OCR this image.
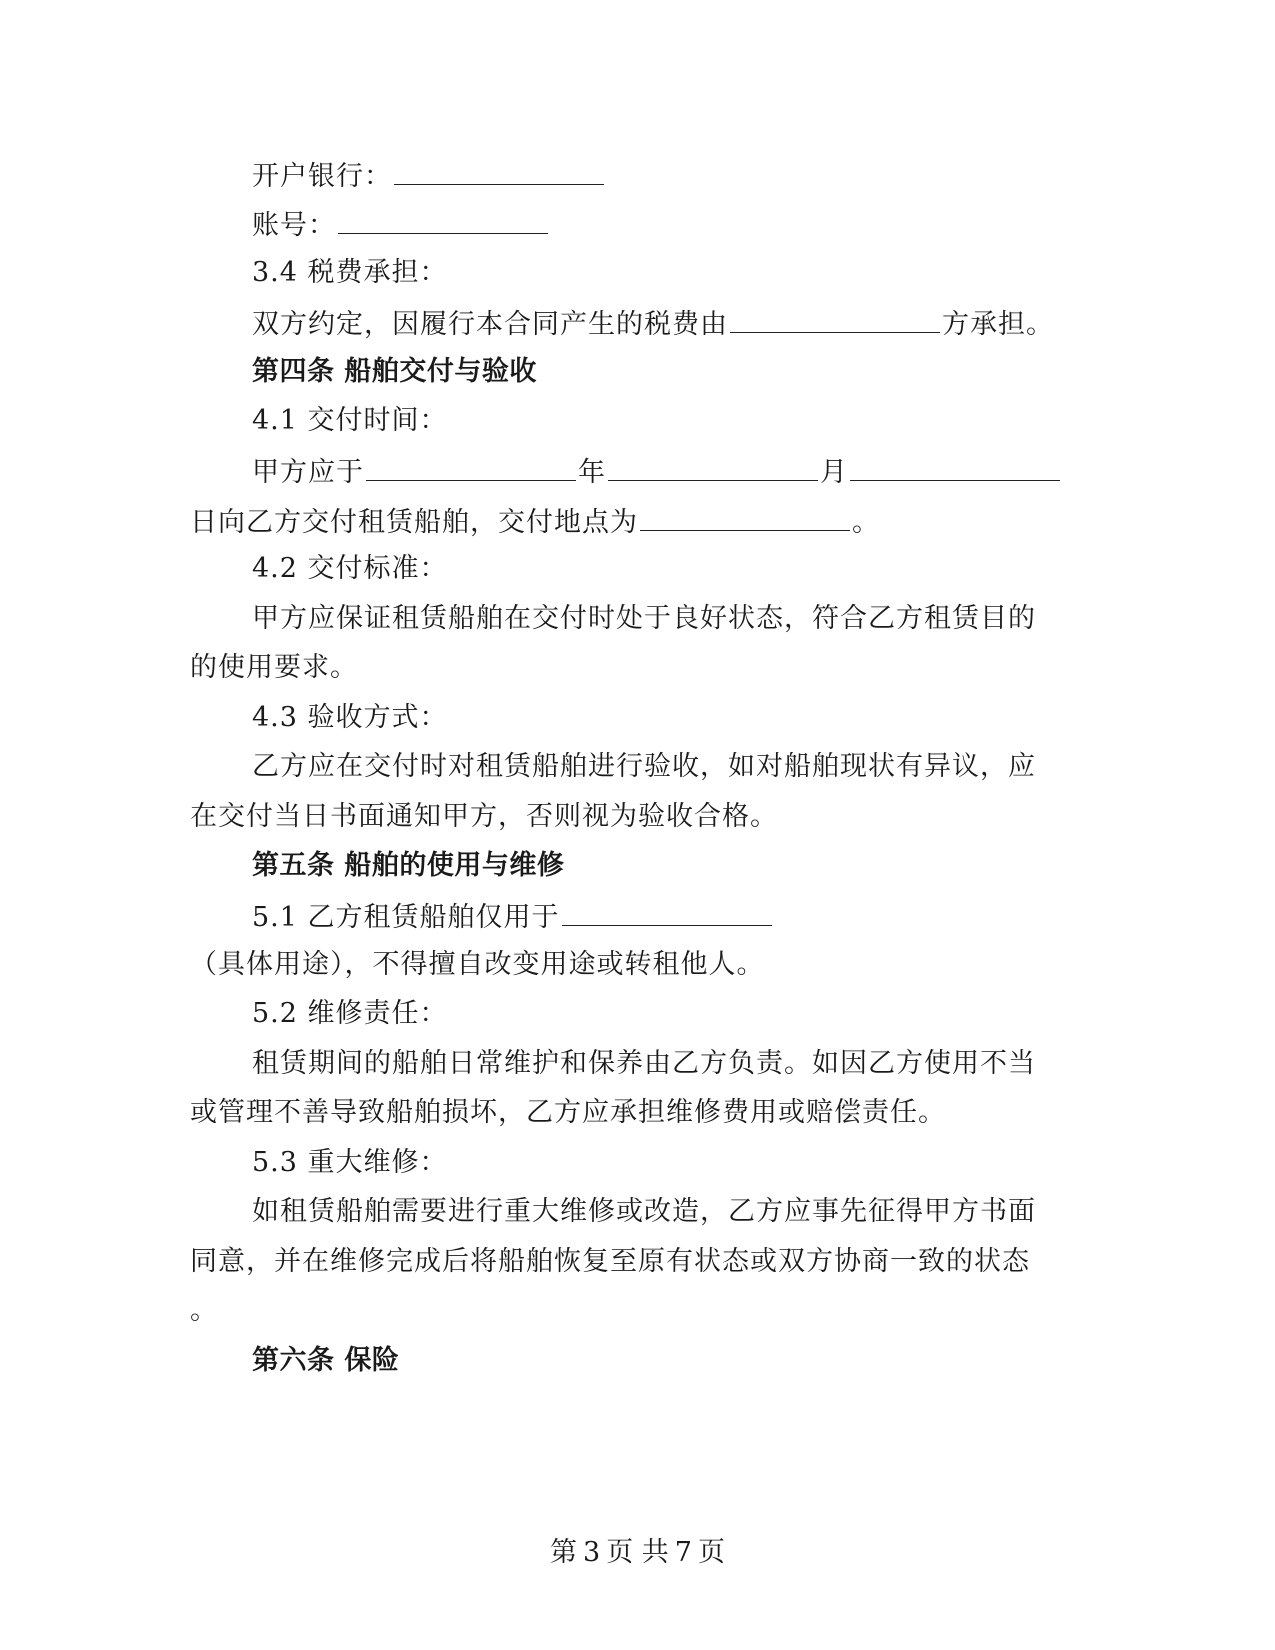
开户银行：
账号：
3.4 税费承担：
双方约定，因履行本合同产生的税费由	方承担。
第四条 船舶交付与验收
4.1 交付时间：
甲方应于	年	月
日向乙方交付租赁船舶，交付地点为	。
4.2 交付标准：
甲方应保证租赁船舶在交付时处于良好状态，符合乙方租赁目的
的使用要求。
4.3 验收方式：
乙方应在交付时对租赁船舶进行验收，如对船舶现状有异议，应
在交付当日书面通知甲方，否则视为验收合格。
第五条 船舶的使用与维修
5.1 乙方租赁船舶仅用于
（具体用途），不得擅自改变用途或转租他人。
5.2 维修责任：
租赁期间的船舶日常维护和保养由乙方负责。如因乙方使用不当
或管理不善导致船舶损坏，乙方应承担维修费用或赔偿责任。
5.3 重大维修：
如租赁船舶需要进行重大维修或改造，乙方应事先征得甲方书面
同意，并在维修完成后将船舶恢复至原有状态或双方协商一致的状态
。
第六条 保险
第 3 页 共 7 页
